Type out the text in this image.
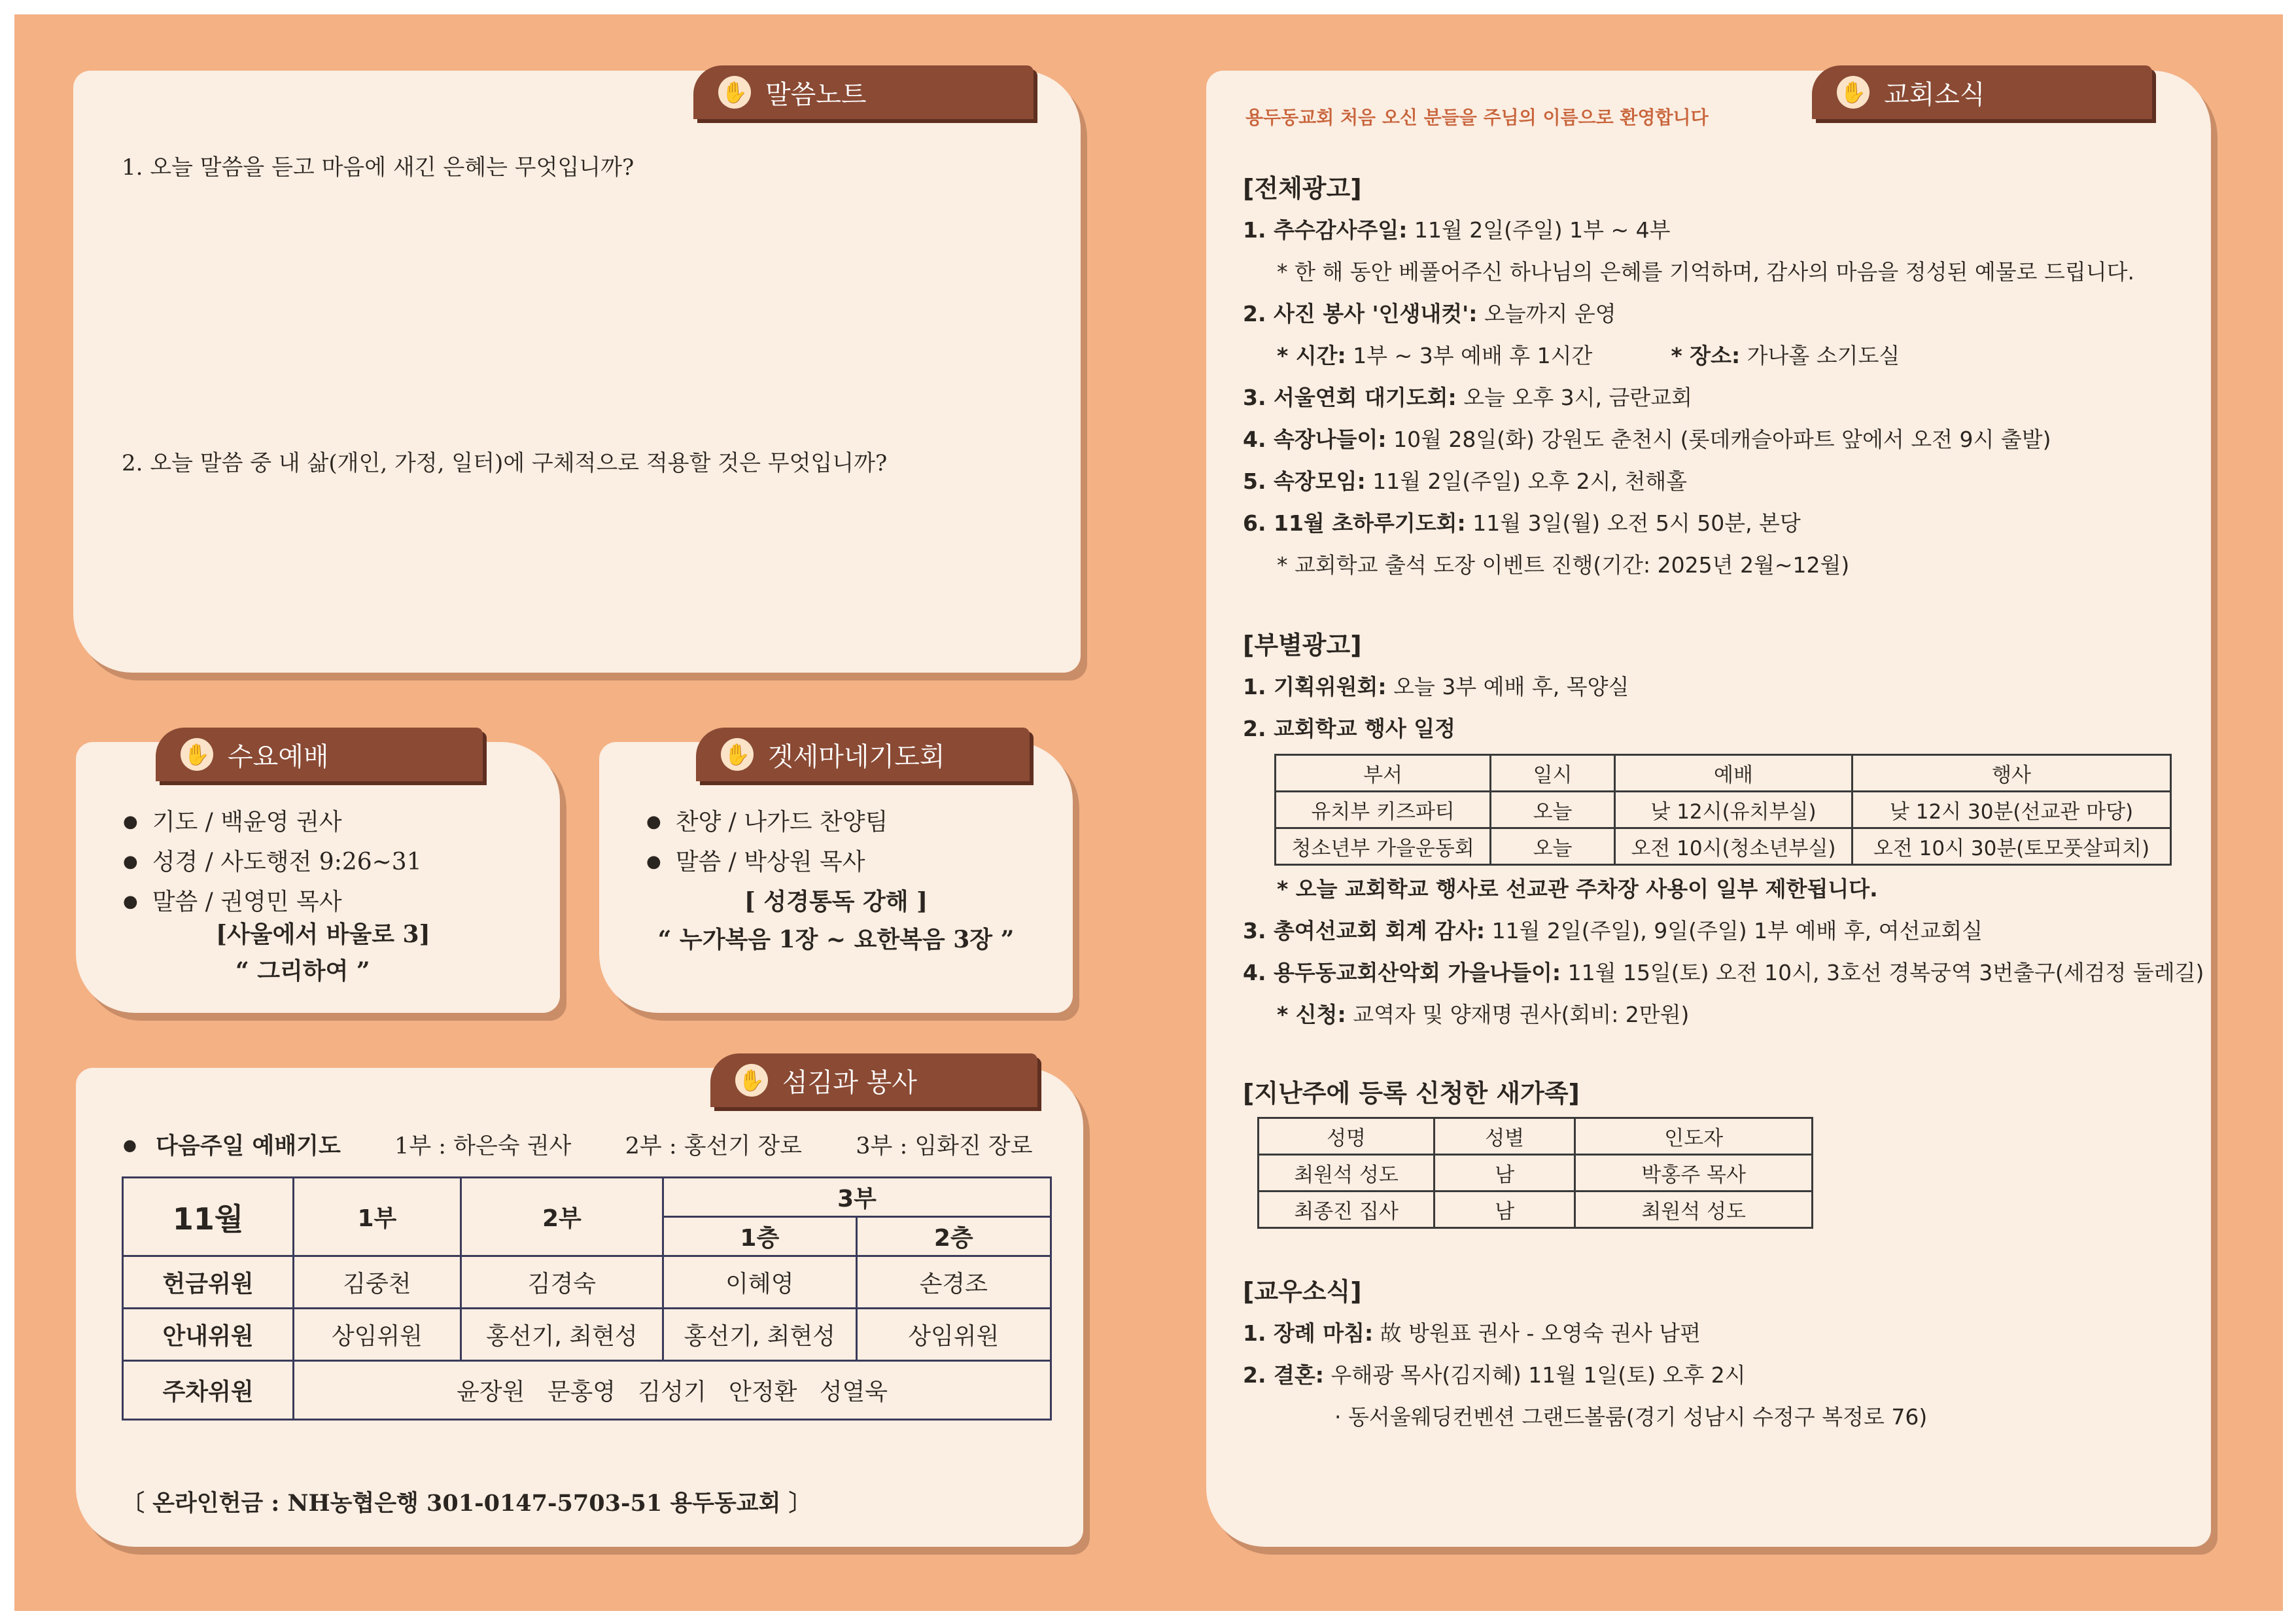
✋ 말씀노트
1. 오늘 말씀을 듣고 마음에 새긴 은혜는 무엇입니까?
2. 오늘 말씀 중 내 삶(개인, 가정, 일터)에 구체적으로 적용할 것은 무엇입니까?
✋ 수요예배
● 기도 / 백윤영 권사
● 성경 / 사도행전 9:26~31
● 말씀 / 권영민 목사
[사울에서 바울로 3]
“ 그리하여 ”
✋ 겟세마네기도회
● 찬양 / 나가드 찬양팀
● 말씀 / 박상원 목사
[ 성경통독 강해 ]
“ 누가복음 1장 ~ 요한복음 3장 ”
✋ 섬김과 봉사
● 다음주일 예배기도 1부 : 하은숙 권사 2부 : 홍선기 장로 3부 : 임화진 장로
11월	1부	2부	3부	
			1층	2층
헌금위원	김중천	김경숙	이혜영	손경조
안내위원	상임위원	홍선기, 최현성	홍선기, 최현성	상임위원
주차위원	윤장원   문홍영   김성기   안정환   성열욱			
〔 온라인헌금 : NH농협은행 301-0147-5703-51 용두동교회 〕
✋ 교회소식
용두동교회 처음 오신 분들을 주님의 이름으로 환영합니다
[전체광고]
1. 추수감사주일: 11월 2일(주일) 1부 ~ 4부
* 한 해 동안 베풀어주신 하나님의 은혜를 기억하며, 감사의 마음을 정성된 예물로 드립니다.
2. 사진 봉사 '인생내컷': 오늘까지 운영
* 시간: 1부 ~ 3부 예배 후 1시간	* 장소: 가나홀 소기도실
3. 서울연회 대기도회: 오늘 오후 3시, 금란교회
4. 속장나들이: 10월 28일(화) 강원도 춘천시 (롯데캐슬아파트 앞에서 오전 9시 출발)
5. 속장모임: 11월 2일(주일) 오후 2시, 천해홀
6. 11월 초하루기도회: 11월 3일(월) 오전 5시 50분, 본당
* 교회학교 출석 도장 이벤트 진행(기간: 2025년 2월~12월)
[부별광고]
1. 기획위원회: 오늘 3부 예배 후, 목양실
2. 교회학교 행사 일정
부서	일시	예배	행사
유치부 키즈파티	오늘	낮 12시(유치부실)	낮 12시 30분(선교관 마당)
청소년부 가을운동회	오늘	오전 10시(청소년부실)	오전 10시 30분(토모풋살피치)
* 오늘 교회학교 행사로 선교관 주차장 사용이 일부 제한됩니다.
3. 총여선교회 회계 감사: 11월 2일(주일), 9일(주일) 1부 예배 후, 여선교회실
4. 용두동교회산악회 가을나들이: 11월 15일(토) 오전 10시, 3호선 경복궁역 3번출구(세검정 둘레길)
* 신청: 교역자 및 양재명 권사(회비: 2만원)
[지난주에 등록 신청한 새가족]
성명	성별	인도자
최원석 성도	남	박홍주 목사
최종진 집사	남	최원석 성도
[교우소식]
1. 장례 마침: 故 방원표 권사 - 오영숙 권사 남편
2. 결혼: 우해광 목사(김지혜) 11월 1일(토) 오후 2시
· 동서울웨딩컨벤션 그랜드볼룸(경기 성남시 수정구 복정로 76)
